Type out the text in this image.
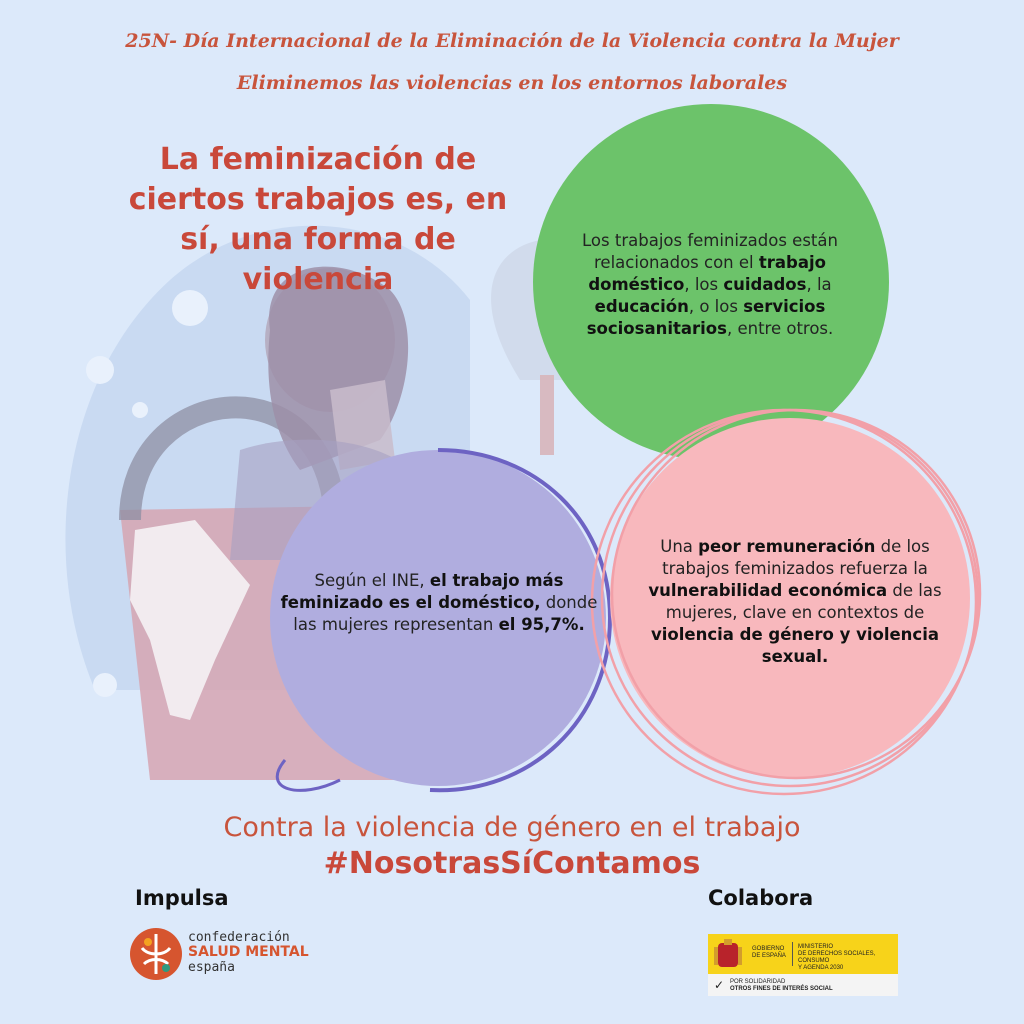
25N- Día Internacional de la Eliminación de la Violencia contra la Mujer
Eliminemos las violencias en los entornos laborales
La feminización de
ciertos trabajos es, en
sí, una forma de
violencia
Los trabajos feminizados están relacionados con el trabajo doméstico, los cuidados, la educación, o los servicios sociosanitarios, entre otros.
Según el INE, el trabajo más feminizado es el doméstico, donde las mujeres representan el 95,7%.
Una peor remuneración de los trabajos feminizados refuerza la vulnerabilidad económica de las mujeres, clave en contextos de violencia de género y violencia sexual.
Contra la violencia de género en el trabajo
#NosotrasSíContamos
Impulsa	Colabora
confederación
SALUD MENTAL
españa
GOBIERNO
DE ESPAÑA
MINISTERIO
DE DERECHOS SOCIALES, CONSUMO
Y AGENDA 2030
✓ POR SOLIDARIDAD
OTROS FINES DE INTERÉS SOCIAL
